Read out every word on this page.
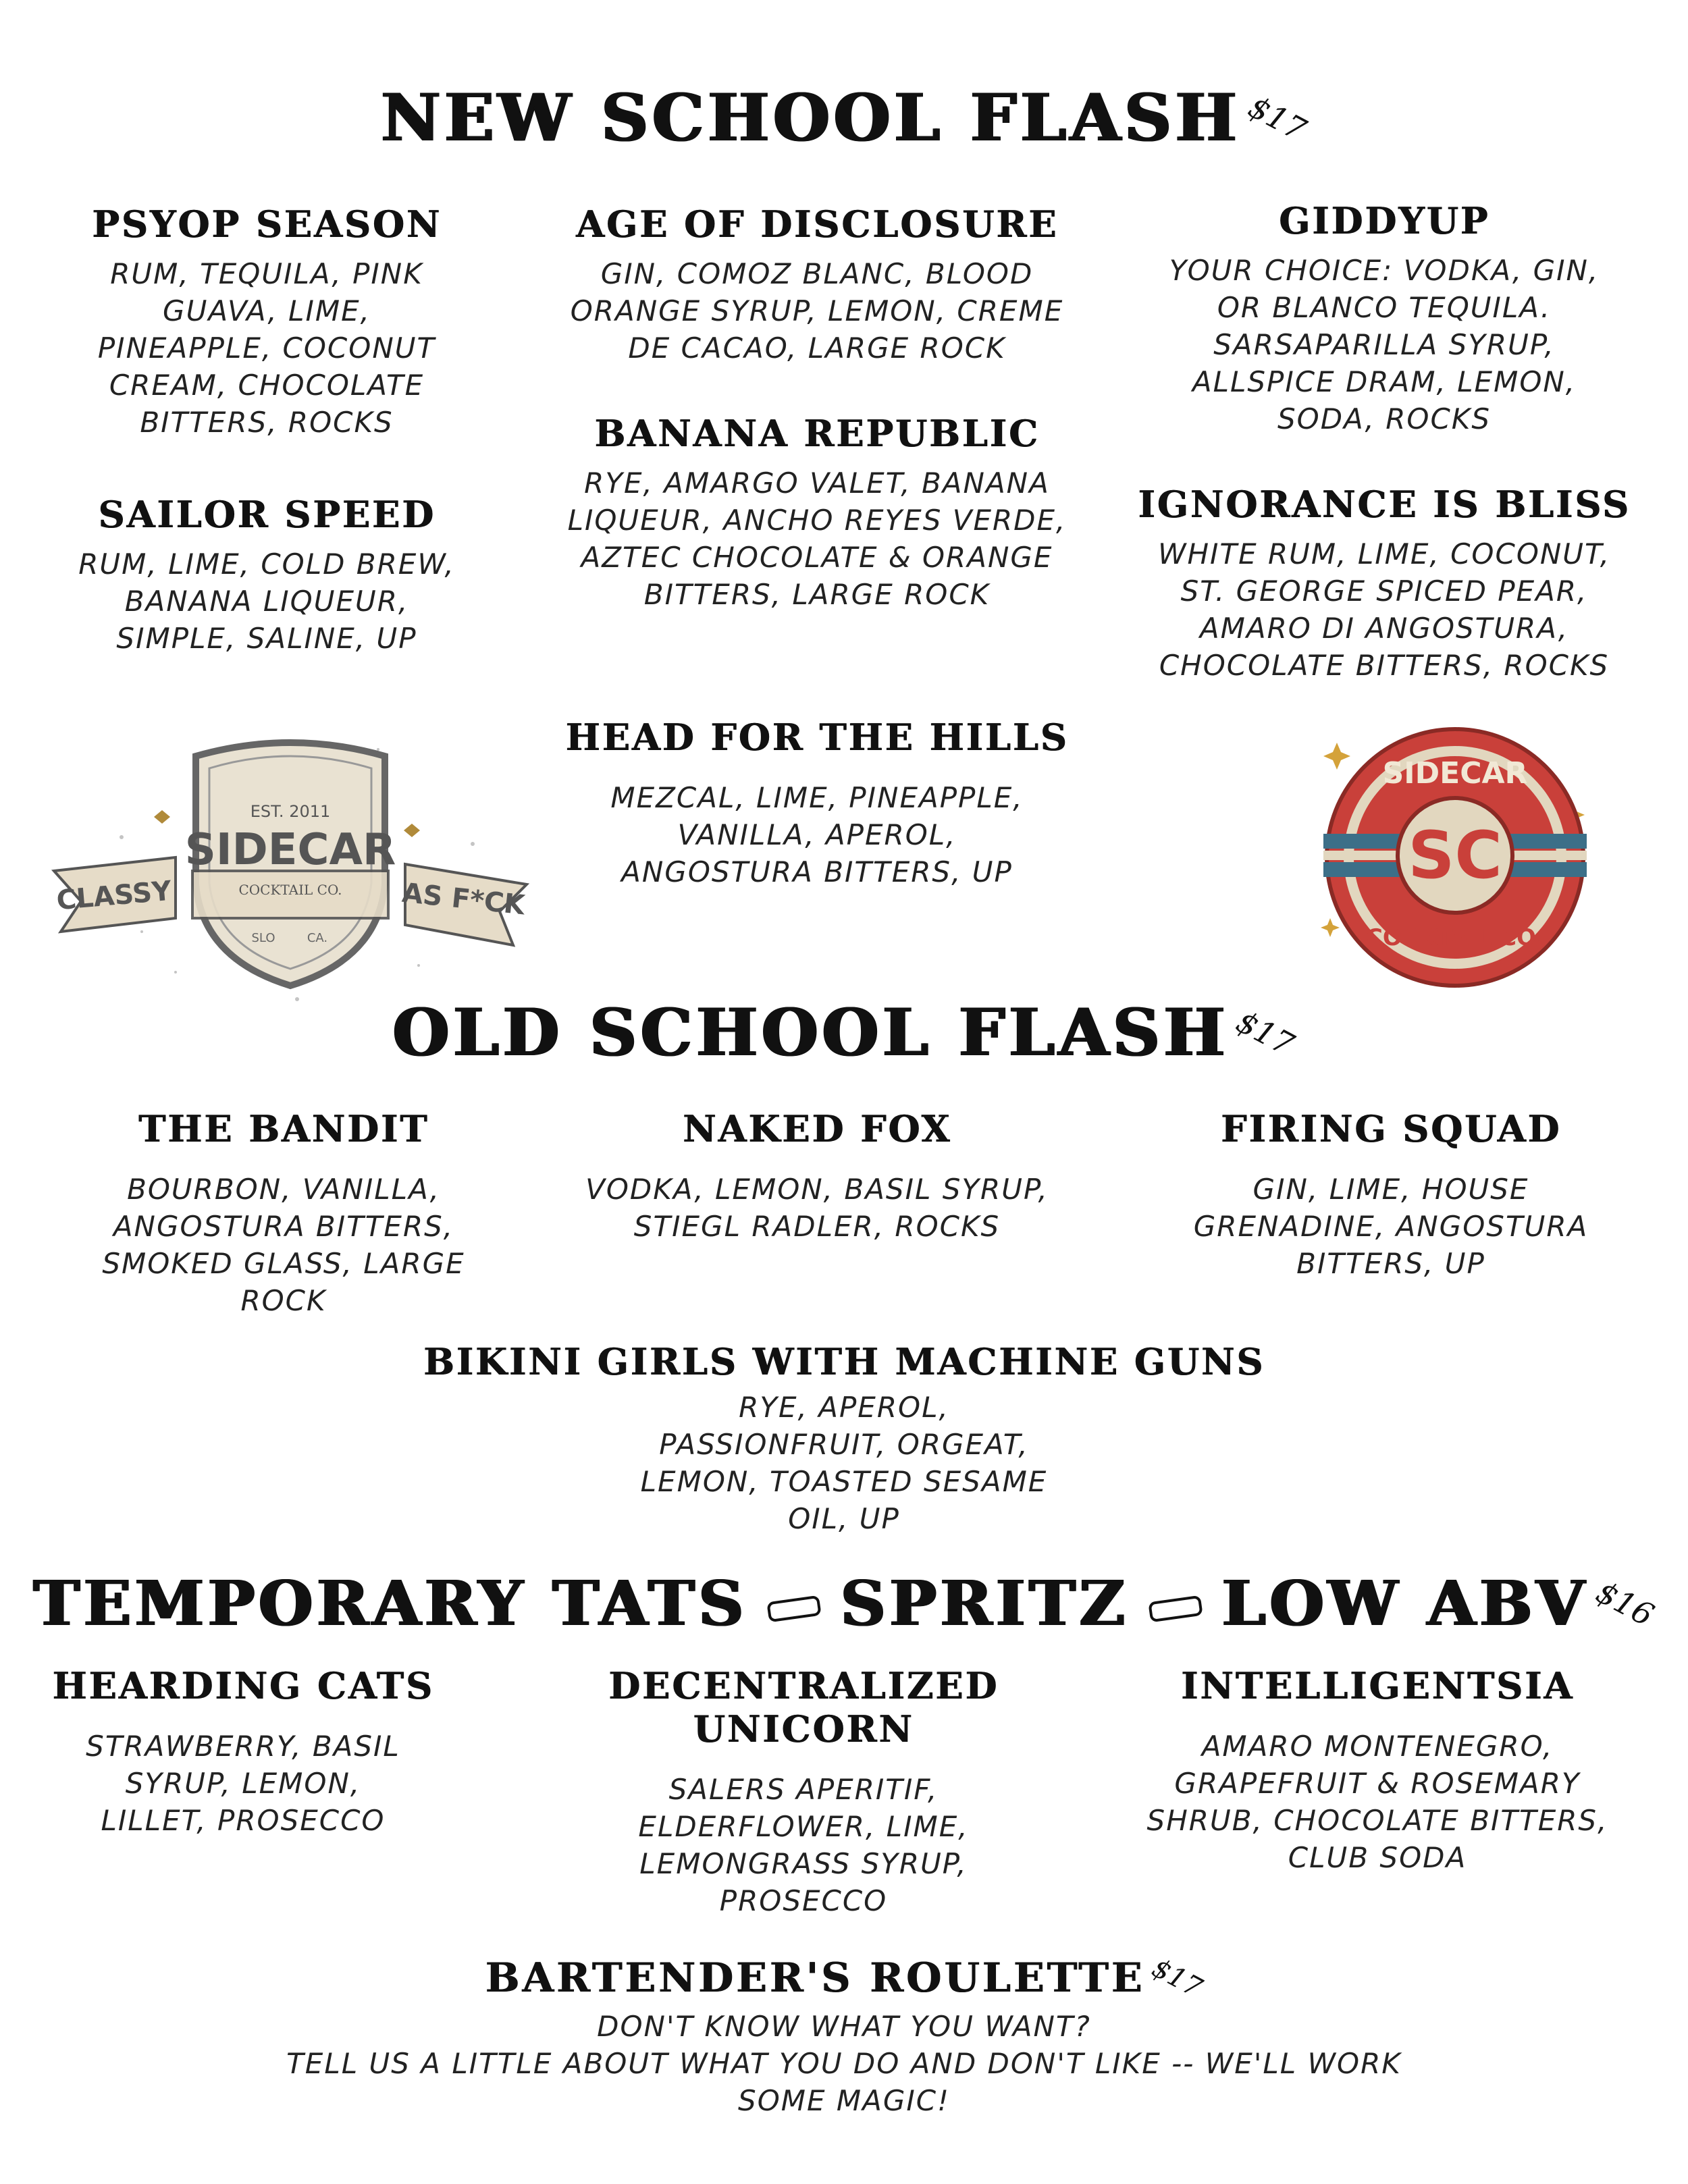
NEW SCHOOL FLASH$17
PSYOP SEASON
RUM, TEQUILA, PINK GUAVA, LIME, PINEAPPLE, COCONUT CREAM, CHOCOLATE BITTERS, ROCKS
AGE OF DISCLOSURE
GIN, COMOZ BLANC, BLOOD ORANGE SYRUP, LEMON, CREME DE CACAO, LARGE ROCK
GIDDYUP
YOUR CHOICE: VODKA, GIN, OR BLANCO TEQUILA. SARSAPARILLA SYRUP, ALLSPICE DRAM, LEMON, SODA, ROCKS
SAILOR SPEED
RUM, LIME, COLD BREW, BANANA LIQUEUR, SIMPLE, SALINE, UP
BANANA REPUBLIC
RYE, AMARGO VALET, BANANA LIQUEUR, ANCHO REYES VERDE, AZTEC CHOCOLATE & ORANGE BITTERS, LARGE ROCK
IGNORANCE IS BLISS
WHITE RUM, LIME, COCONUT, ST. GEORGE SPICED PEAR, AMARO DI ANGOSTURA, CHOCOLATE BITTERS, ROCKS
HEAD FOR THE HILLS
MEZCAL, LIME, PINEAPPLE, VANILLA, APEROL, ANGOSTURA BITTERS, UP
EST. 2011
SIDECAR
COCKTAIL CO.
CLASSY	AS F*CK
SLO	CA.
SC
SIDECAR
COCKTAIL CO.
OLD SCHOOL FLASH$17
THE BANDIT
BOURBON, VANILLA, ANGOSTURA BITTERS, SMOKED GLASS, LARGE ROCK
NAKED FOX
VODKA, LEMON, BASIL SYRUP, STIEGL RADLER, ROCKS
FIRING SQUAD
GIN, LIME, HOUSE GRENADINE, ANGOSTURA BITTERS, UP
BIKINI GIRLS WITH MACHINE GUNS
RYE, APEROL, PASSIONFRUIT, ORGEAT, LEMON, TOASTED SESAME OIL, UP
TEMPORARY TATS SPRITZ LOW ABV$16
HEARDING CATS
STRAWBERRY, BASIL SYRUP, LEMON, LILLET, PROSECCO
DECENTRALIZED UNICORN
SALERS APERITIF, ELDERFLOWER, LIME, LEMONGRASS SYRUP, PROSECCO
INTELLIGENTSIA
AMARO MONTENEGRO, GRAPEFRUIT & ROSEMARY SHRUB, CHOCOLATE BITTERS, CLUB SODA
BARTENDER'S ROULETTE$17
DON'T KNOW WHAT YOU WANT?
TELL US A LITTLE ABOUT WHAT YOU DO AND DON'T LIKE -- WE'LL WORK
SOME MAGIC!
